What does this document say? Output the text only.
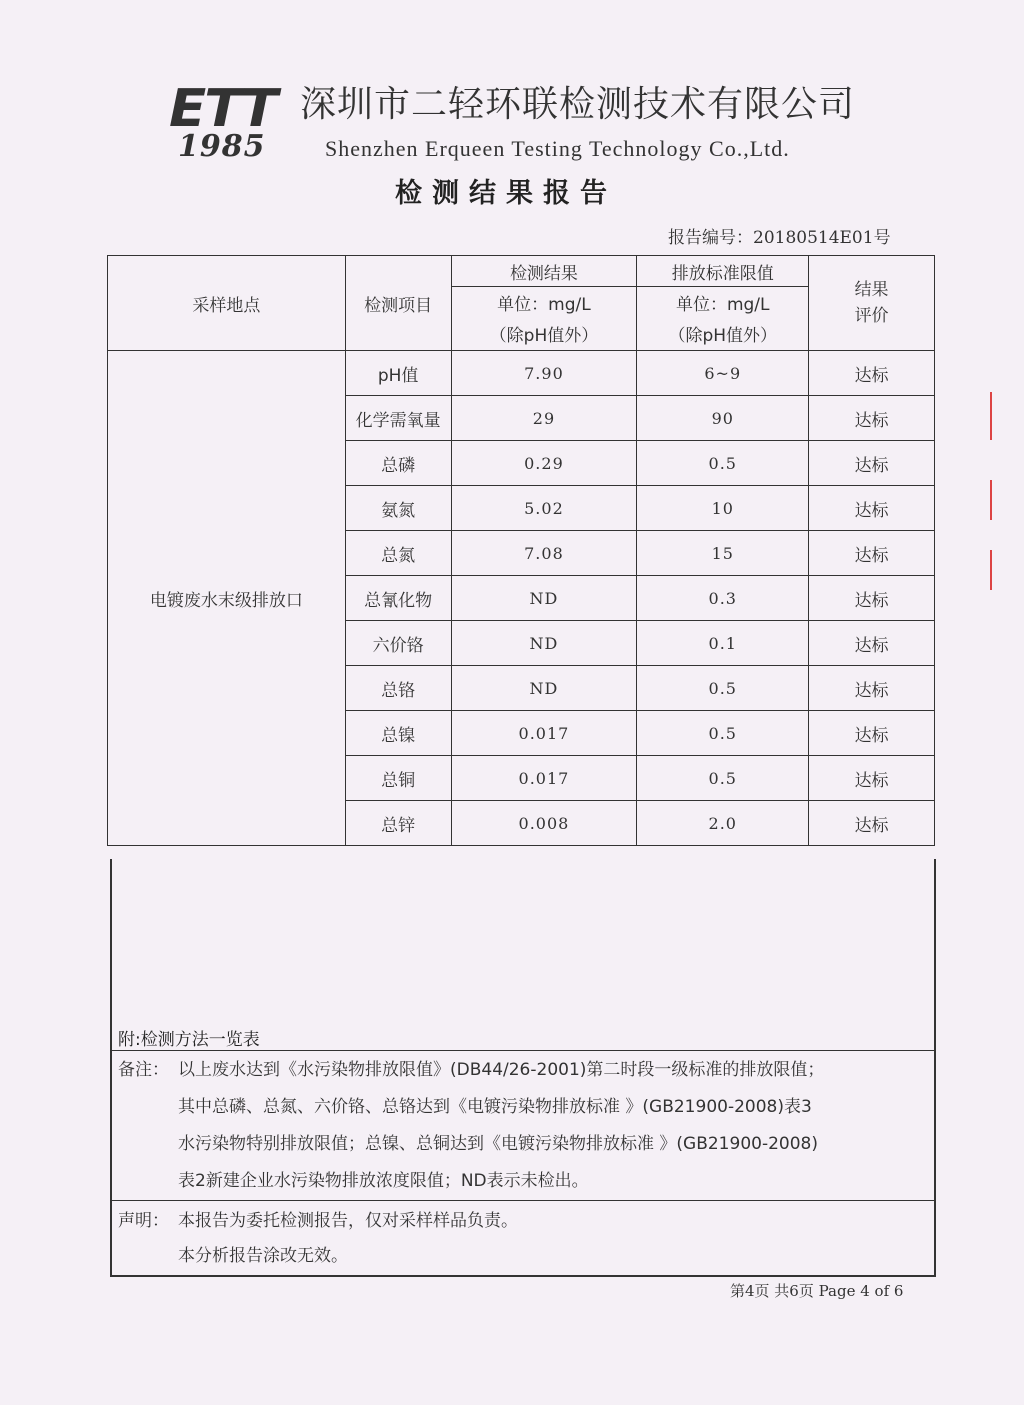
ETT
1985
深圳市二轻环联检测技术有限公司
Shenzhen Erqueen Testing Technology Co.,Ltd.
检测结果报告
报告编号：20180514E01号
采样地点	检测项目	检测结果	排放标准限值	结果
评价

		单位：mg/L	单位：mg/L	
		（除pH值外）	（除pH值外）	
电镀废水末级排放口	pH值	7.90	6~9	达标
	化学需氧量	29	90	达标
	总磷	0.29	0.5	达标
	氨氮	5.02	10	达标
	总氮	7.08	15	达标
	总氰化物	ND	0.3	达标
	六价铬	ND	0.1	达标
	总铬	ND	0.5	达标
	总镍	0.017	0.5	达标
	总铜	0.017	0.5	达标
	总锌	0.008	2.0	达标
附:检测方法一览表
备注： 以上废水达到《水污染物排放限值》(DB44/26-2001)第二时段一级标准的排放限值；
其中总磷、总氮、六价铬、总铬达到《电镀污染物排放标准 》(GB21900-2008)表3
水污染物特别排放限值；总镍、总铜达到《电镀污染物排放标准 》(GB21900-2008)
表2新建企业水污染物排放浓度限值；ND表示未检出。
声明： 本报告为委托检测报告，仅对采样样品负责。
本分析报告涂改无效。
第4页 共6页 Page 4 of 6
